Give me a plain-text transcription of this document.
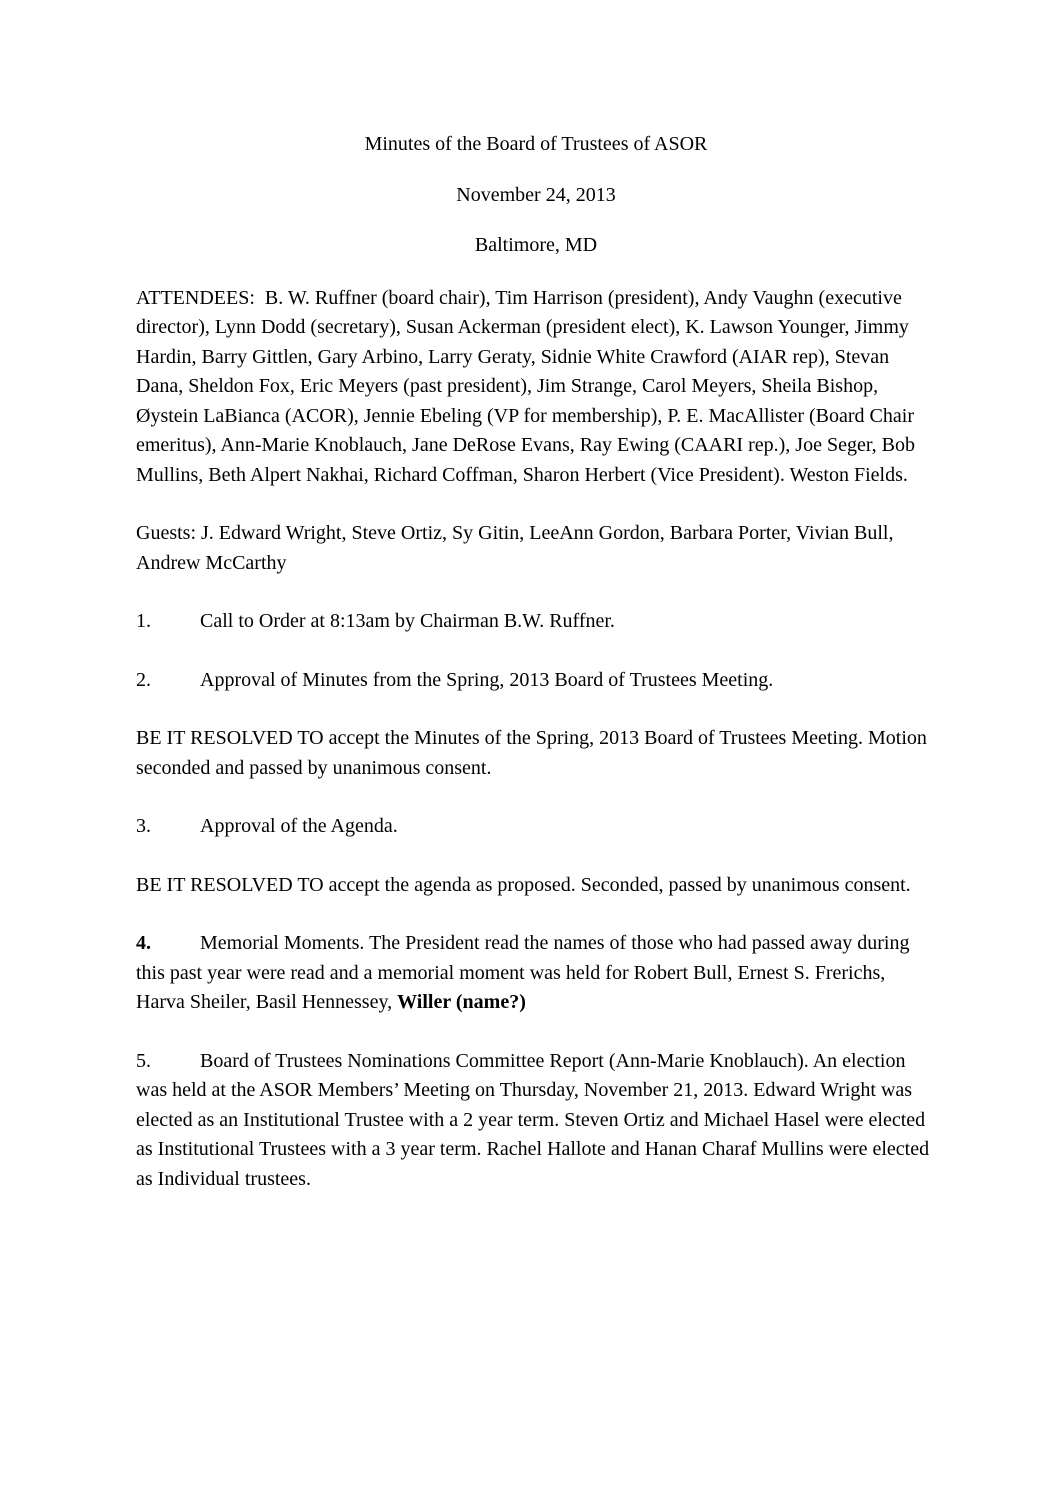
Minutes of the Board of Trustees of ASOR

November 24, 2013

Baltimore, MD

ATTENDEES: B. W. Ruffner (board chair), Tim Harrison (president), Andy Vaughn (executive director), Lynn Dodd (secretary), Susan Ackerman (president elect), K. Lawson Younger, Jimmy Hardin, Barry Gittlen, Gary Arbino, Larry Geraty, Sidnie White Crawford (AIAR rep), Stevan Dana, Sheldon Fox, Eric Meyers (past president), Jim Strange, Carol Meyers, Sheila Bishop, Øystein LaBianca (ACOR), Jennie Ebeling (VP for membership), P. E. MacAllister (Board Chair emeritus), Ann-Marie Knoblauch, Jane DeRose Evans, Ray Ewing (CAARI rep.), Joe Seger, Bob Mullins, Beth Alpert Nakhai, Richard Coffman, Sharon Herbert (Vice President). Weston Fields.

Guests: J. Edward Wright, Steve Ortiz, Sy Gitin, LeeAnn Gordon, Barbara Porter, Vivian Bull, Andrew McCarthy

1. Call to Order at 8:13am by Chairman B.W. Ruffner.

2. Approval of Minutes from the Spring, 2013 Board of Trustees Meeting.

BE IT RESOLVED TO accept the Minutes of the Spring, 2013 Board of Trustees Meeting. Motion seconded and passed by unanimous consent.

3. Approval of the Agenda.

BE IT RESOLVED TO accept the agenda as proposed. Seconded, passed by unanimous consent.

4. Memorial Moments. The President read the names of those who had passed away during this past year were read and a memorial moment was held for Robert Bull, Ernest S. Frerichs, Harva Sheiler, Basil Hennessey, Willer (name?)

5. Board of Trustees Nominations Committee Report (Ann-Marie Knoblauch). An election was held at the ASOR Members’ Meeting on Thursday, November 21, 2013. Edward Wright was elected as an Institutional Trustee with a 2 year term. Steven Ortiz and Michael Hasel were elected as Institutional Trustees with a 3 year term. Rachel Hallote and Hanan Charaf Mullins were elected as Individual trustees.
